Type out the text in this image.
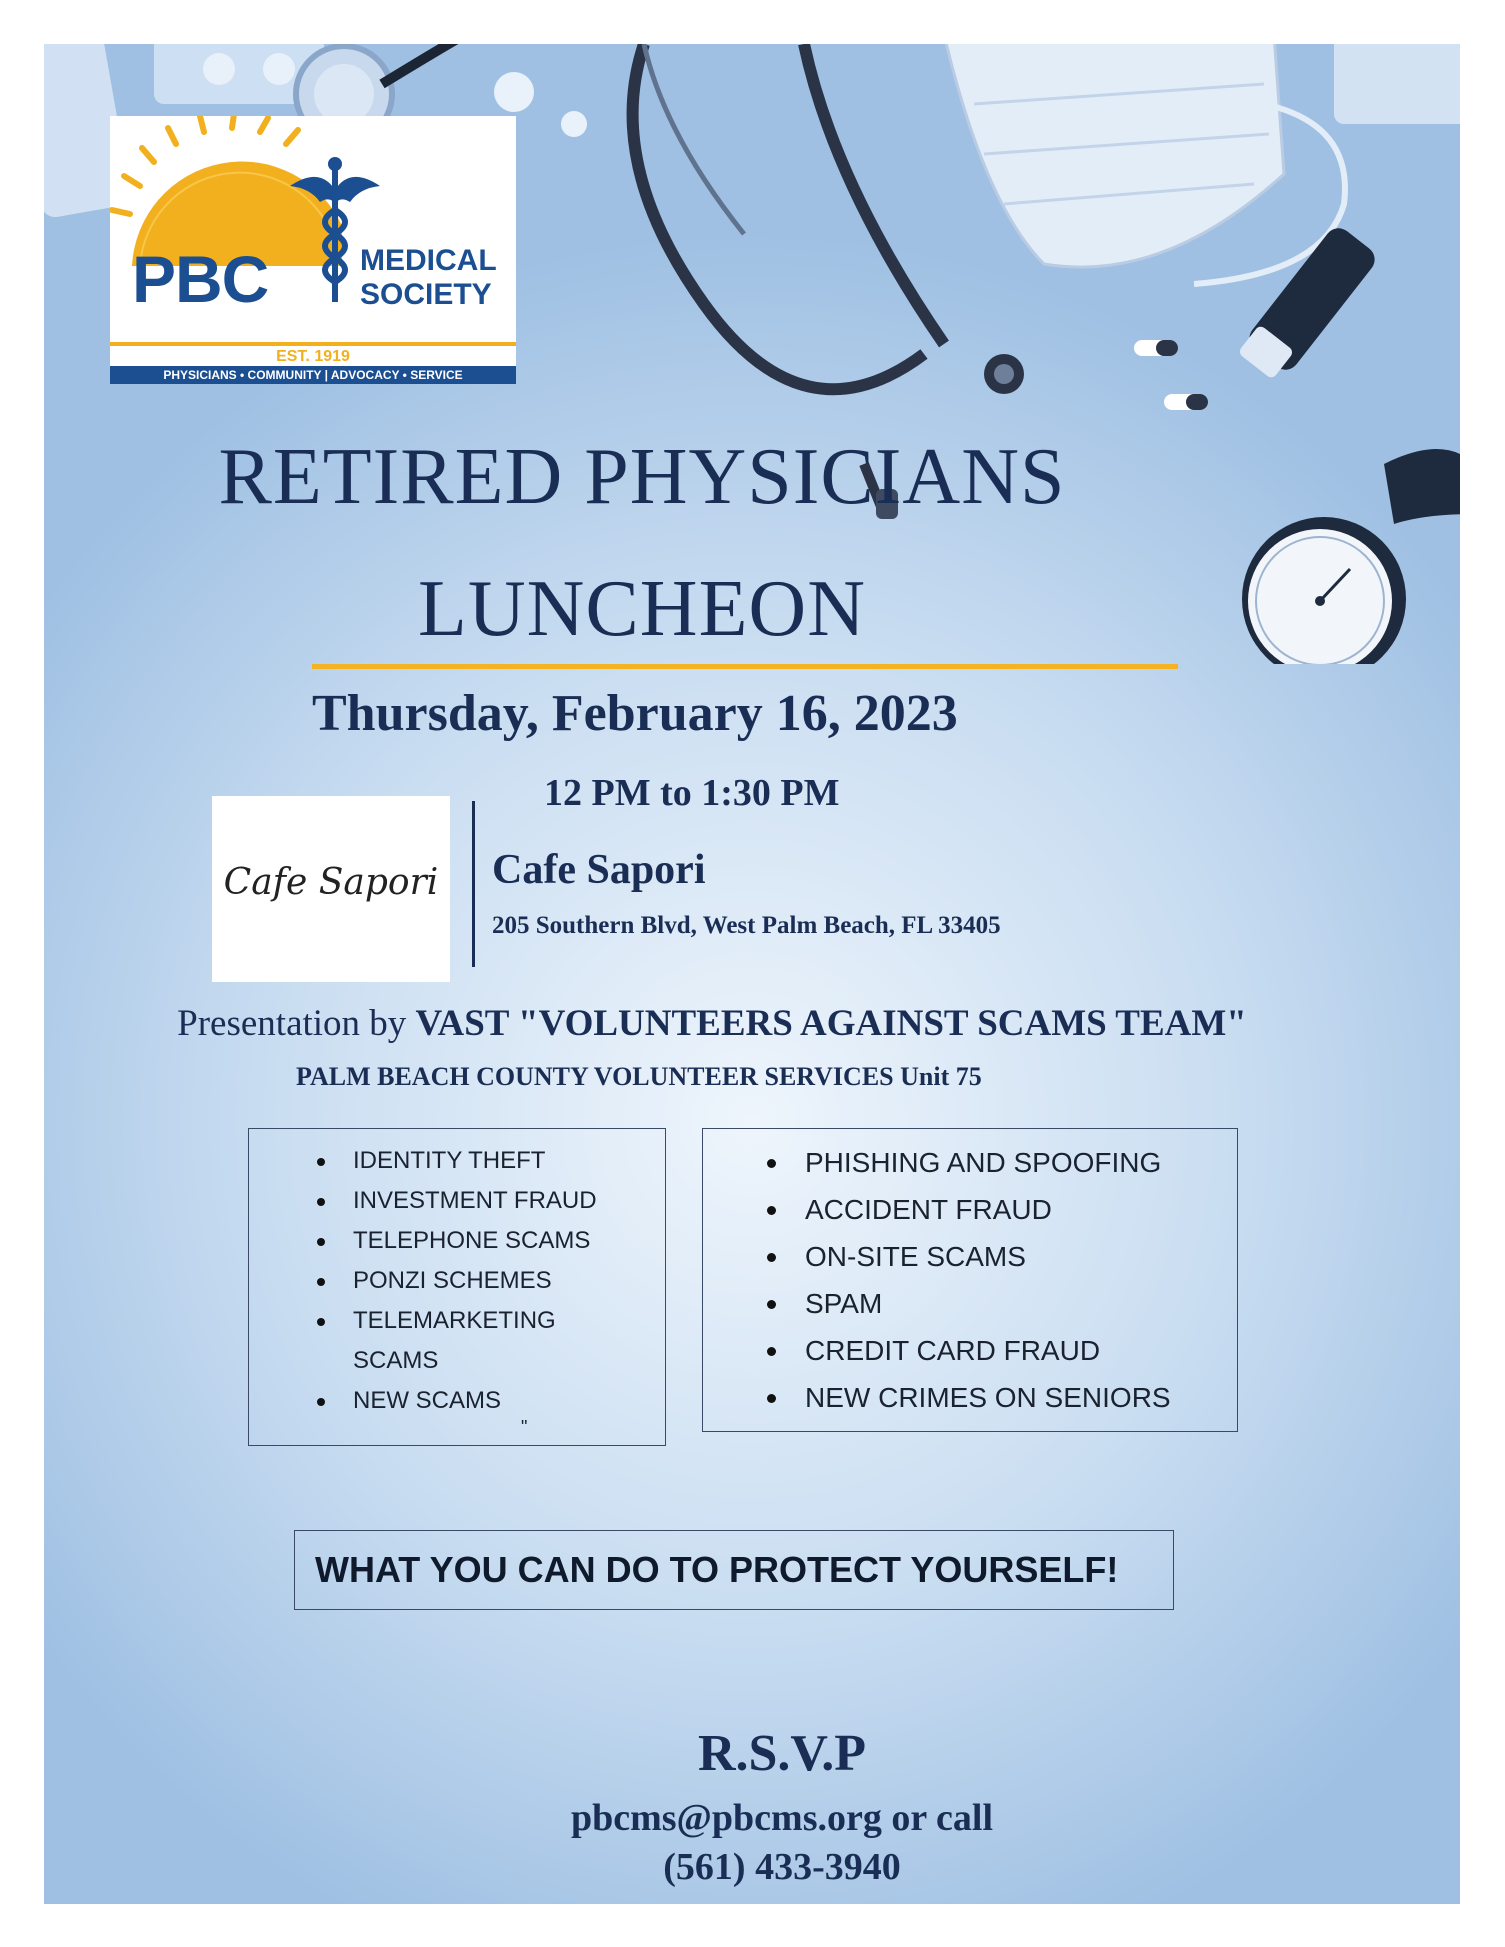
PBC	MEDICAL SOCIETY
EST. 1919
PHYSICIANS • COMMUNITY | ADVOCACY • SERVICE
RETIRED PHYSICIANS
LUNCHEON
Thursday, February 16, 2023
12 PM to 1:30 PM
Cafe Sapori Cafe Sapori
205 Southern Blvd, West Palm Beach, FL 33405
Presentation by VAST "VOLUNTEERS AGAINST SCAMS TEAM"
PALM BEACH COUNTY VOLUNTEER SERVICES Unit 75
IDENTITY THEFT
INVESTMENT FRAUD
TELEPHONE SCAMS
PONZI SCHEMES
TELEMARKETING SCAMS
NEW SCAMS
"
PHISHING AND SPOOFING
ACCIDENT FRAUD
ON-SITE SCAMS
SPAM
CREDIT CARD FRAUD
NEW CRIMES ON SENIORS
WHAT YOU CAN DO TO PROTECT YOURSELF!
R.S.V.P
pbcms@pbcms.org or call
(561) 433-3940
